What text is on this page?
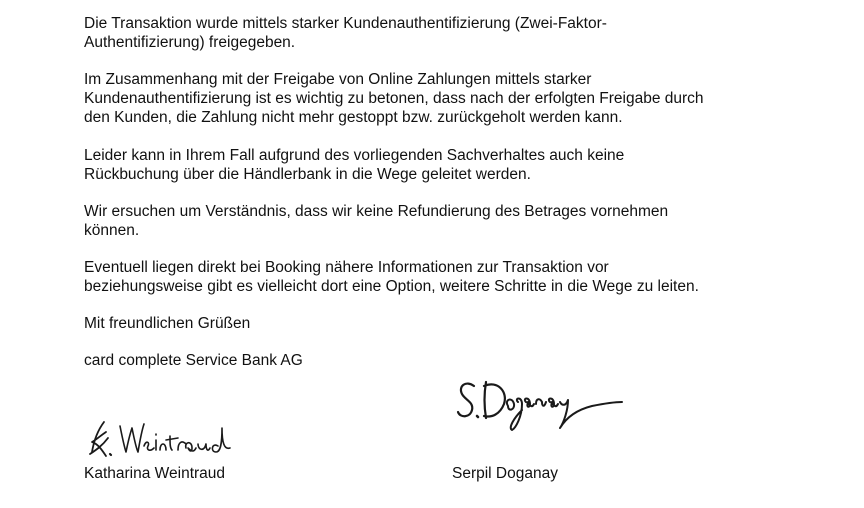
Die Transaktion wurde mittels starker Kundenauthentifizierung (Zwei-Faktor-
Authentifizierung) freigegeben.

Im Zusammenhang mit der Freigabe von Online Zahlungen mittels starker
Kundenauthentifizierung ist es wichtig zu betonen, dass nach der erfolgten Freigabe durch
den Kunden, die Zahlung nicht mehr gestoppt bzw. zurückgeholt werden kann.

Leider kann in Ihrem Fall aufgrund des vorliegenden Sachverhaltes auch keine
Rückbuchung über die Händlerbank in die Wege geleitet werden.

Wir ersuchen um Verständnis, dass wir keine Refundierung des Betrages vornehmen
können.

Eventuell liegen direkt bei Booking nähere Informationen zur Transaktion vor
beziehungsweise gibt es vielleicht dort eine Option, weitere Schritte in die Wege zu leiten.

Mit freundlichen Grüßen

card complete Service Bank AG

Katharina Weintraud	Serpil Doganay
